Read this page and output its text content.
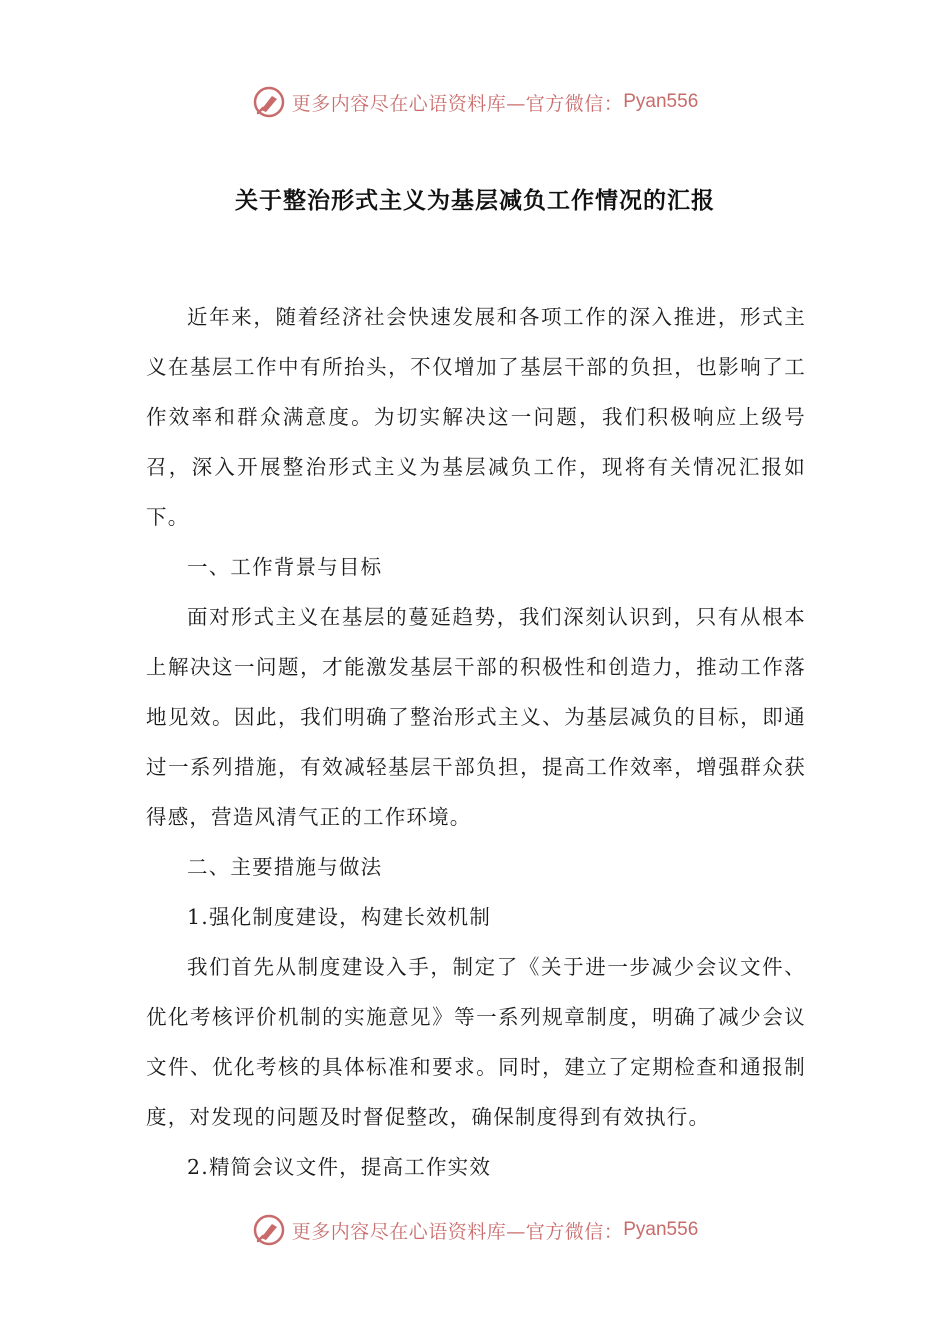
更多内容尽在心语资料库—官方微信： Pyan556
关于整治形式主义为基层减负工作情况的汇报

近年来，随着经济社会快速发展和各项工作的深入推进，形式主义在基层工作中有所抬头，不仅增加了基层干部的负担，也影响了工作效率和群众满意度。为切实解决这一问题，我们积极响应上级号召，深入开展整治形式主义为基层减负工作，现将有关情况汇报如下。

一、工作背景与目标

面对形式主义在基层的蔓延趋势，我们深刻认识到，只有从根本上解决这一问题，才能激发基层干部的积极性和创造力，推动工作落地见效。因此，我们明确了整治形式主义、为基层减负的目标，即通过一系列措施，有效减轻基层干部负担，提高工作效率，增强群众获得感，营造风清气正的工作环境。

二、主要措施与做法

1.强化制度建设，构建长效机制

我们首先从制度建设入手，制定了《关于进一步减少会议文件、优化考核评价机制的实施意见》等一系列规章制度，明确了减少会议文件、优化考核的具体标准和要求。同时，建立了定期检查和通报制度，对发现的问题及时督促整改，确保制度得到有效执行。

2.精简会议文件，提高工作实效

更多内容尽在心语资料库—官方微信： Pyan556
